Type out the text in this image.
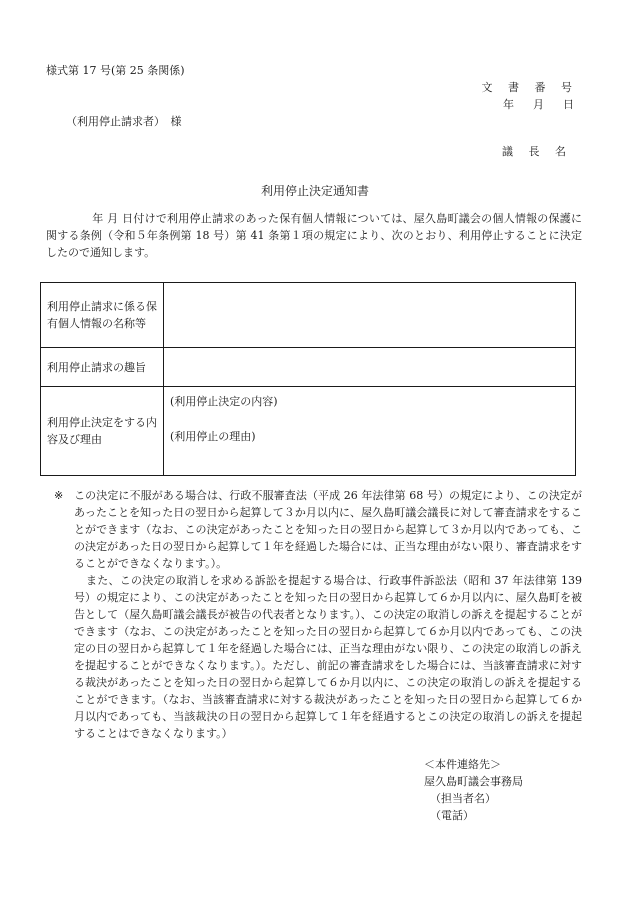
様式第 17 号(第 25 条関係)
文 書 番 号
年　月　日
（利用停止請求者）　様
議 長 名
利用停止決定通知書
年 月 日付けで利用停止請求のあった保有個人情報については、屋久島町議会の個人情報の保護に関する条例（令和５年条例第 18 号）第 41 条第１項の規定により、次のとおり、利用停止することに決定したので通知します。
利用停止請求に係る保有個人情報の名称等	
利用停止請求の趣旨	
利用停止決定をする内容及び理由	(利用停止決定の内容)
(利用停止の理由)
※ この決定に不服がある場合は、行政不服審査法（平成 26 年法律第 68 号）の規定により、この決定があったことを知った日の翌日から起算して３か月以内に、屋久島町議会議長に対して審査請求をすることができます（なお、この決定があったことを知った日の翌日から起算して３か月以内であっても、この決定があった日の翌日から起算して１年を経過した場合には、正当な理由がない限り、審査請求をすることができなくなります。）。
また、この決定の取消しを求める訴訟を提起する場合は、行政事件訴訟法（昭和 37 年法律第 139 号）の規定により、この決定があったことを知った日の翌日から起算して６か月以内に、屋久島町を被告として（屋久島町議会議長が被告の代表者となります。）、この決定の取消しの訴えを提起することができます（なお、この決定があったことを知った日の翌日から起算して６か月以内であっても、この決定の日の翌日から起算して１年を経過した場合には、正当な理由がない限り、この決定の取消しの訴えを提起することができなくなります。）。ただし、前記の審査請求をした場合には、当該審査請求に対する裁決があったことを知った日の翌日から起算して６か月以内に、この決定の取消しの訴えを提起することができます。（なお、当該審査請求に対する裁決があったことを知った日の翌日から起算して６か月以内であっても、当該裁決の日の翌日から起算して１年を経過するとこの決定の取消しの訴えを提起することはできなくなります。）
＜本件連絡先＞
屋久島町議会事務局
（担当者名）
（電話）
